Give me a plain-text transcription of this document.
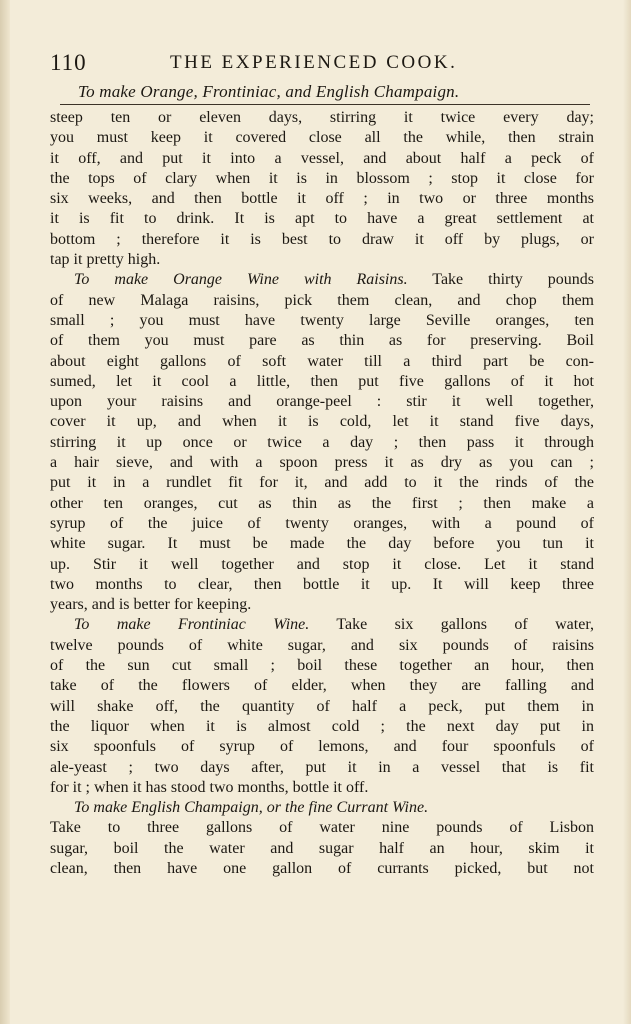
110	THE EXPERIENCED COOK.
To make Orange, Frontiniac, and English Champaign.
steep ten or eleven days, stirring it twice every day;
you must keep it covered close all the while, then strain
it off, and put it into a vessel, and about half a peck of
the tops of clary when it is in blossom ; stop it close for
six weeks, and then bottle it off ; in two or three months
it is fit to drink. It is apt to have a great settlement at
bottom ; therefore it is best to draw it off by plugs, or
tap it pretty high.
To make Orange Wine with Raisins. Take thirty pounds
of new Malaga raisins, pick them clean, and chop them
small ; you must have twenty large Seville oranges, ten
of them you must pare as thin as for preserving. Boil
about eight gallons of soft water till a third part be con-
sumed, let it cool a little, then put five gallons of it hot
upon your raisins and orange-peel : stir it well together,
cover it up, and when it is cold, let it stand five days,
stirring it up once or twice a day ; then pass it through
a hair sieve, and with a spoon press it as dry as you can ;
put it in a rundlet fit for it, and add to it the rinds of the
other ten oranges, cut as thin as the first ; then make a
syrup of the juice of twenty oranges, with a pound of
white sugar. It must be made the day before you tun it
up. Stir it well together and stop it close. Let it stand
two months to clear, then bottle it up. It will keep three
years, and is better for keeping.
To make Frontiniac Wine. Take six gallons of water,
twelve pounds of white sugar, and six pounds of raisins
of the sun cut small ; boil these together an hour, then
take of the flowers of elder, when they are falling and
will shake off, the quantity of half a peck, put them in
the liquor when it is almost cold ; the next day put in
six spoonfuls of syrup of lemons, and four spoonfuls of
ale-yeast ; two days after, put it in a vessel that is fit
for it ; when it has stood two months, bottle it off.
To make English Champaign, or the fine Currant Wine.
Take to three gallons of water nine pounds of Lisbon
sugar, boil the water and sugar half an hour, skim it
clean, then have one gallon of currants picked, but not
